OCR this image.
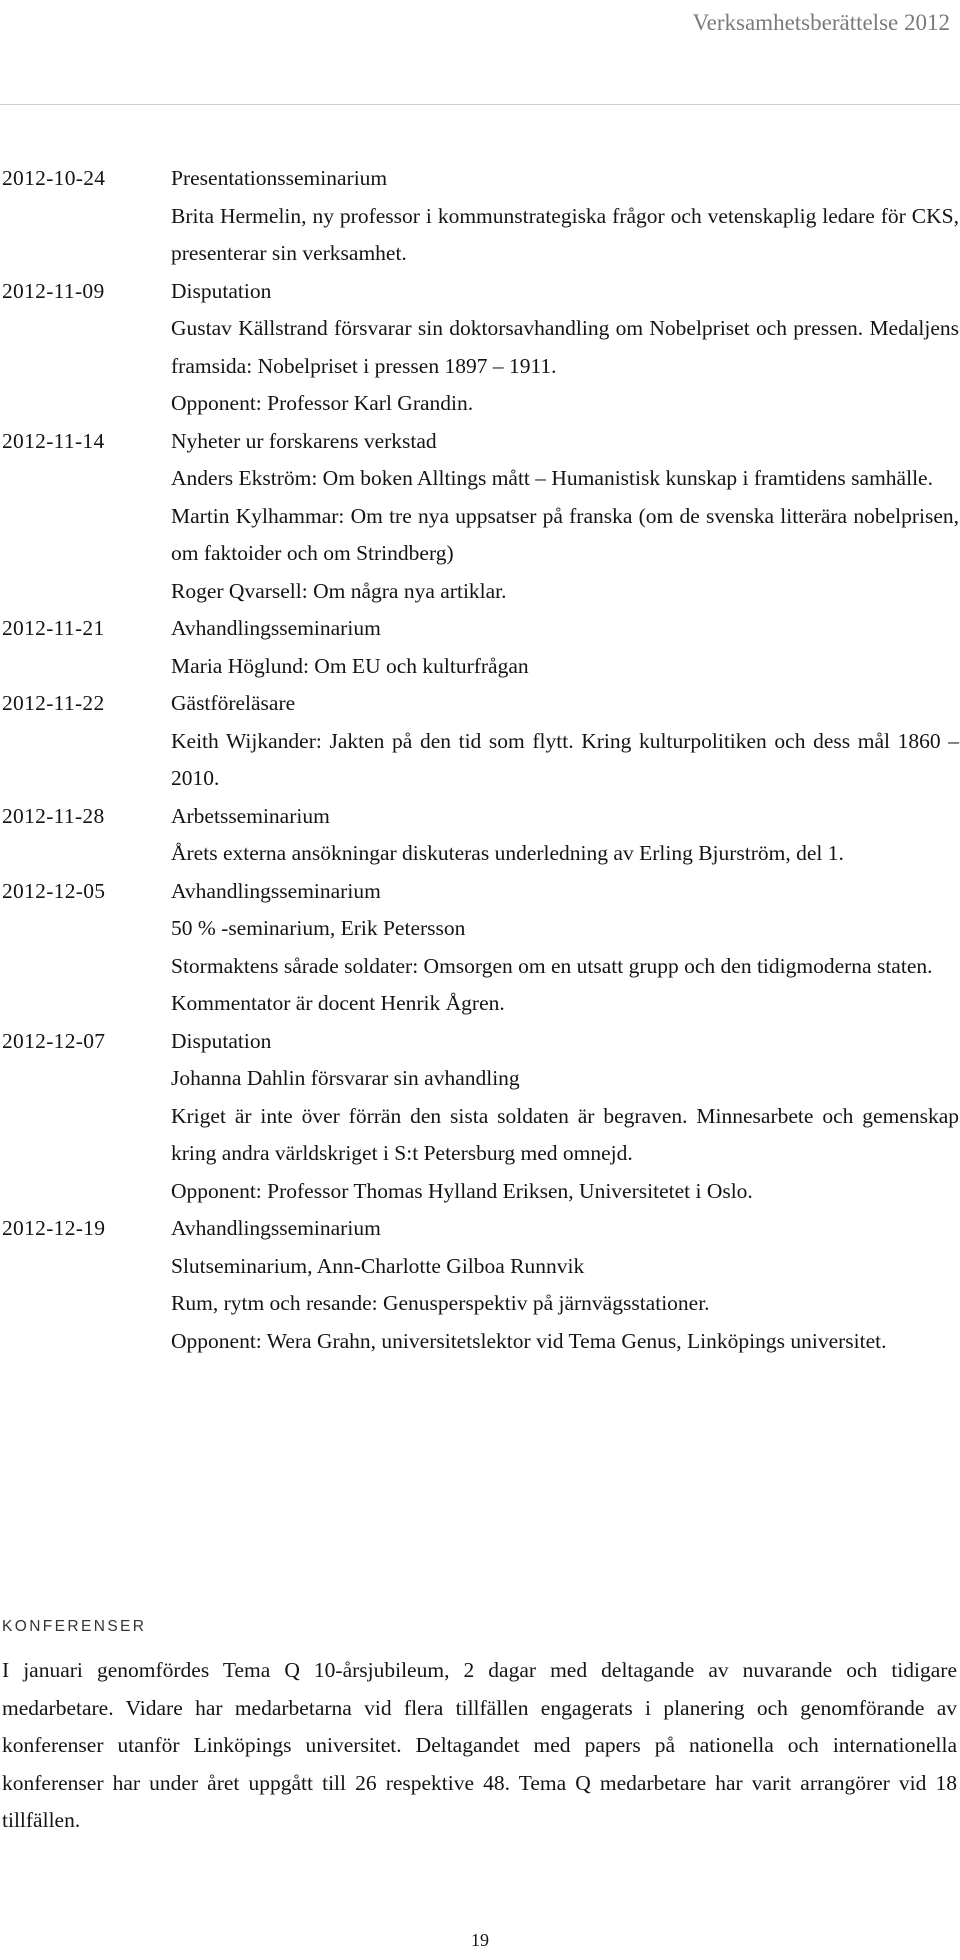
Verksamhetsberättelse 2012
2012-10-24	Presentationsseminarium
Brita Hermelin, ny professor i kommunstrategiska frågor och vetenskaplig ledare för CKS, presenterar sin verksamhet.
2012-11-09	Disputation
Gustav Källstrand försvarar sin doktorsavhandling om Nobelpriset och pressen. Medaljens framsida: Nobelpriset i pressen 1897 – 1911.
Opponent: Professor Karl Grandin.
2012-11-14	Nyheter ur forskarens verkstad
Anders Ekström: Om boken Alltings mått – Humanistisk kunskap i framtidens samhälle.
Martin Kylhammar: Om tre nya uppsatser på franska (om de svenska litterära nobelprisen, om faktoider och om Strindberg)
Roger Qvarsell: Om några nya artiklar.
2012-11-21	Avhandlingsseminarium
Maria Höglund: Om EU och kulturfrågan
2012-11-22	Gästföreläsare
Keith Wijkander: Jakten på den tid som flytt. Kring kulturpolitiken och dess mål 1860 – 2010.
2012-11-28	Arbetsseminarium
Årets externa ansökningar diskuteras underledning av Erling Bjurström, del 1.
2012-12-05	Avhandlingsseminarium
50 % -seminarium, Erik Petersson
Stormaktens sårade soldater: Omsorgen om en utsatt grupp och den tidigmoderna staten.
Kommentator är docent Henrik Ågren.
2012-12-07	Disputation
Johanna Dahlin försvarar sin avhandling
Kriget är inte över förrän den sista soldaten är begraven. Minnesarbete och gemenskap kring andra världskriget i S:t Petersburg med omnejd.
Opponent: Professor Thomas Hylland Eriksen, Universitetet i Oslo.
2012-12-19	Avhandlingsseminarium
Slutseminarium, Ann-Charlotte Gilboa Runnvik
Rum, rytm och resande: Genusperspektiv på järnvägsstationer.
Opponent: Wera Grahn, universitetslektor vid Tema Genus, Linköpings universitet.
KONFERENSER

I januari genomfördes Tema Q 10-årsjubileum, 2 dagar med deltagande av nuvarande och tidigare medarbetare. Vidare har medarbetarna vid flera tillfällen engagerats i planering och genomförande av konferenser utanför Linköpings universitet. Deltagandet med papers på nationella och internationella konferenser har under året uppgått till 26 respektive 48. Tema Q medarbetare har varit arrangörer vid 18 tillfällen.

19
